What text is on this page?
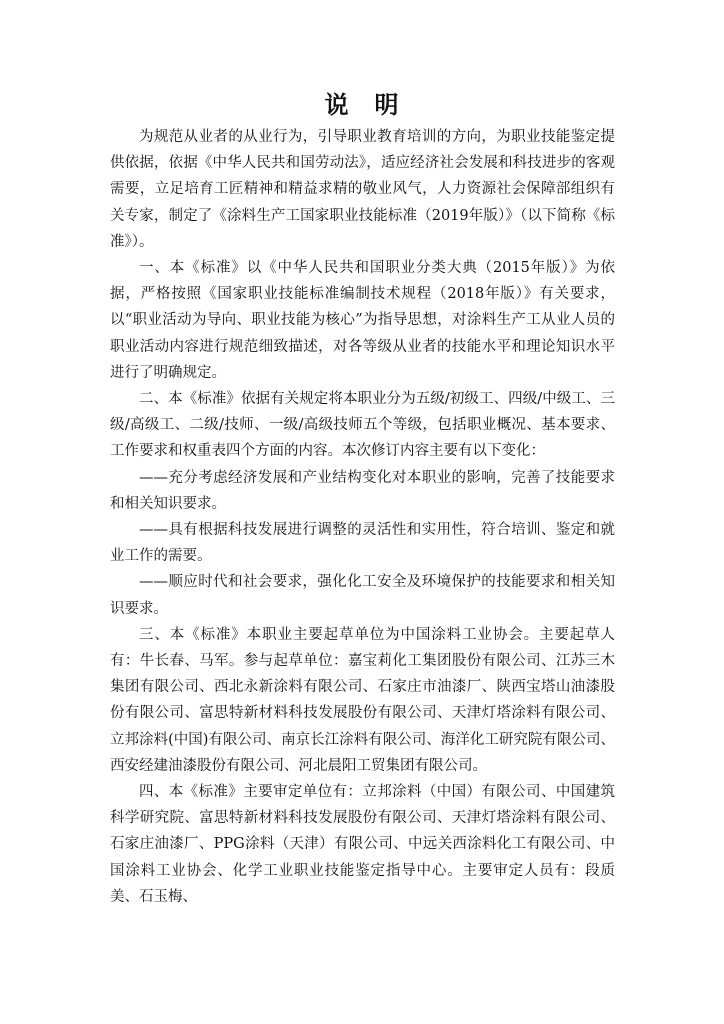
说　明

为规范从业者的从业行为，引导职业教育培训的方向，为职业技能鉴定提供依据，依据《中华人民共和国劳动法》，适应经济社会发展和科技进步的客观需要，立足培育工匠精神和精益求精的敬业风气，人力资源社会保障部组织有关专家，制定了《涂料生产工国家职业技能标准（2019年版）》（以下简称《标准》）。

一、本《标准》以《中华人民共和国职业分类大典（2015年版）》为依据，严格按照《国家职业技能标准编制技术规程（2018年版）》有关要求，以“职业活动为导向、职业技能为核心”为指导思想，对涂料生产工从业人员的职业活动内容进行规范细致描述，对各等级从业者的技能水平和理论知识水平进行了明确规定。

二、本《标准》依据有关规定将本职业分为五级/初级工、四级/中级工、三级/高级工、二级/技师、一级/高级技师五个等级，包括职业概况、基本要求、工作要求和权重表四个方面的内容。本次修订内容主要有以下变化：

——充分考虑经济发展和产业结构变化对本职业的影响，完善了技能要求和相关知识要求。

——具有根据科技发展进行调整的灵活性和实用性，符合培训、鉴定和就业工作的需要。

——顺应时代和社会要求，强化化工安全及环境保护的技能要求和相关知识要求。

三、本《标准》本职业主要起草单位为中国涂料工业协会。主要起草人有：牛长春、马军。参与起草单位：嘉宝莉化工集团股份有限公司、江苏三木集团有限公司、西北永新涂料有限公司、石家庄市油漆厂、陕西宝塔山油漆股份有限公司、富思特新材料科技发展股份有限公司、天津灯塔涂料有限公司、立邦涂料(中国)有限公司、南京长江涂料有限公司、海洋化工研究院有限公司、西安经建油漆股份有限公司、河北晨阳工贸集团有限公司。

四、本《标准》主要审定单位有：立邦涂料（中国）有限公司、中国建筑科学研究院、富思特新材料科技发展股份有限公司、天津灯塔涂料有限公司、石家庄油漆厂、PPG涂料（天津）有限公司、中远关西涂料化工有限公司、中国涂料工业协会、化学工业职业技能鉴定指导中心。主要审定人员有：段质美、石玉梅、
